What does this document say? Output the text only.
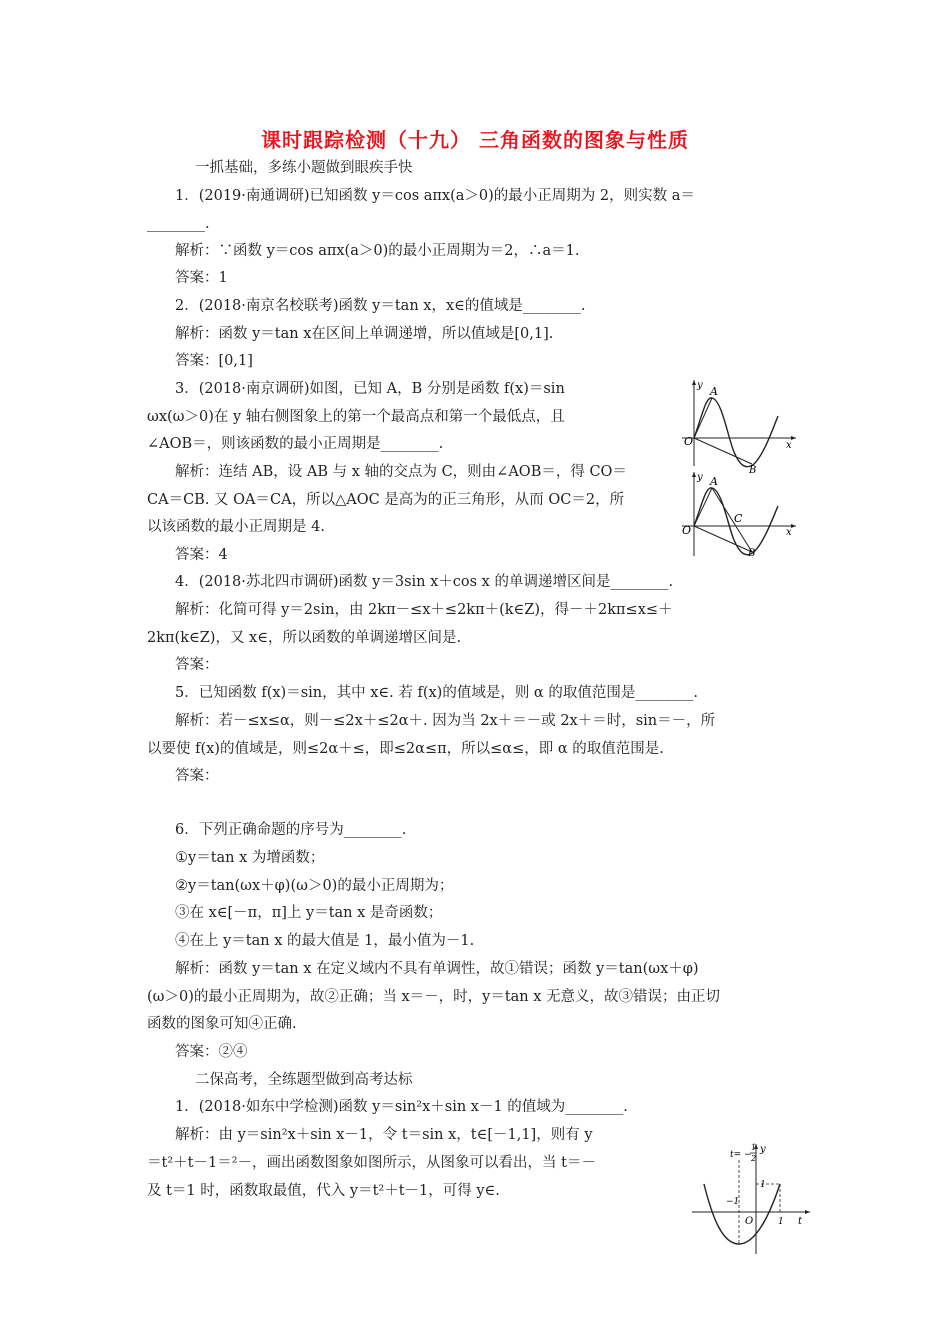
课时跟踪检测（十九） 三角函数的图象与性质
一抓基础，多练小题做到眼疾手快
1．(2019·南通调研)已知函数 y＝cos aπx(a＞0)的最小正周期为 2，则实数 a＝
________.
解析：∵函数 y＝cos aπx(a＞0)的最小正周期为＝2，∴a＝1.
答案：1
2．(2018·南京名校联考)函数 y＝tan x，x∈的值域是________.
解析：函数 y＝tan x在区间上单调递增，所以值域是[0,1].
答案：[0,1]
3．(2018·南京调研)如图，已知 A，B 分别是函数 f(x)＝sin
ωx(ω＞0)在 y 轴右侧图象上的第一个最高点和第一个最低点，且
∠AOB＝，则该函数的最小正周期是________.
解析：连结 AB，设 AB 与 x 轴的交点为 C，则由∠AOB＝，得 CO＝
CA＝CB. 又 OA＝CA，所以△AOC 是高为的正三角形，从而 OC＝2，所
以该函数的最小正周期是 4.
答案：4
4．(2018·苏北四市调研)函数 y＝3sin x＋cos x 的单调递增区间是________.
解析：化简可得 y＝2sin，由 2kπ－≤x＋≤2kπ＋(k∈Z)，得－＋2kπ≤x≤＋
2kπ(k∈Z)，又 x∈，所以函数的单调递增区间是.
答案：
5．已知函数 f(x)＝sin，其中 x∈. 若 f(x)的值域是，则 α 的取值范围是________.
解析：若－≤x≤α，则－≤2x＋≤2α＋. 因为当 2x＋＝－或 2x＋＝时，sin＝－，所
以要使 f(x)的值域是，则≤2α＋≤，即≤2α≤π，所以≤α≤，即 α 的取值范围是.
答案：
6．下列正确命题的序号为________.
①y＝tan x 为增函数；
②y＝tan(ωx＋φ)(ω＞0)的最小正周期为；
③在 x∈[－π，π]上 y＝tan x 是奇函数；
④在上 y＝tan x 的最大值是 1，最小值为－1.
解析：函数 y＝tan x 在定义域内不具有单调性，故①错误；函数 y＝tan(ωx＋φ)
(ω＞0)的最小正周期为，故②正确；当 x＝－，时，y＝tan x 无意义，故③错误；由正切
函数的图象可知④正确.
答案：②④
二保高考，全练题型做到高考达标
1．(2018·如东中学检测)函数 y＝sin²x＋sin x－1 的值域为________.
解析：由 y＝sin²x＋sin x－1，令 t＝sin x，t∈[－1,1]，则有 y
＝t²＋t－1＝²－，画出函数图象如图所示，从图象可以看出，当 t＝－
及 t＝1 时，函数取最值，代入 y＝t²＋t－1，可得 y∈.
y A
O	x
B
y A
C
O	x
B
t= −
1
2
y
1
−1
O	1 t
